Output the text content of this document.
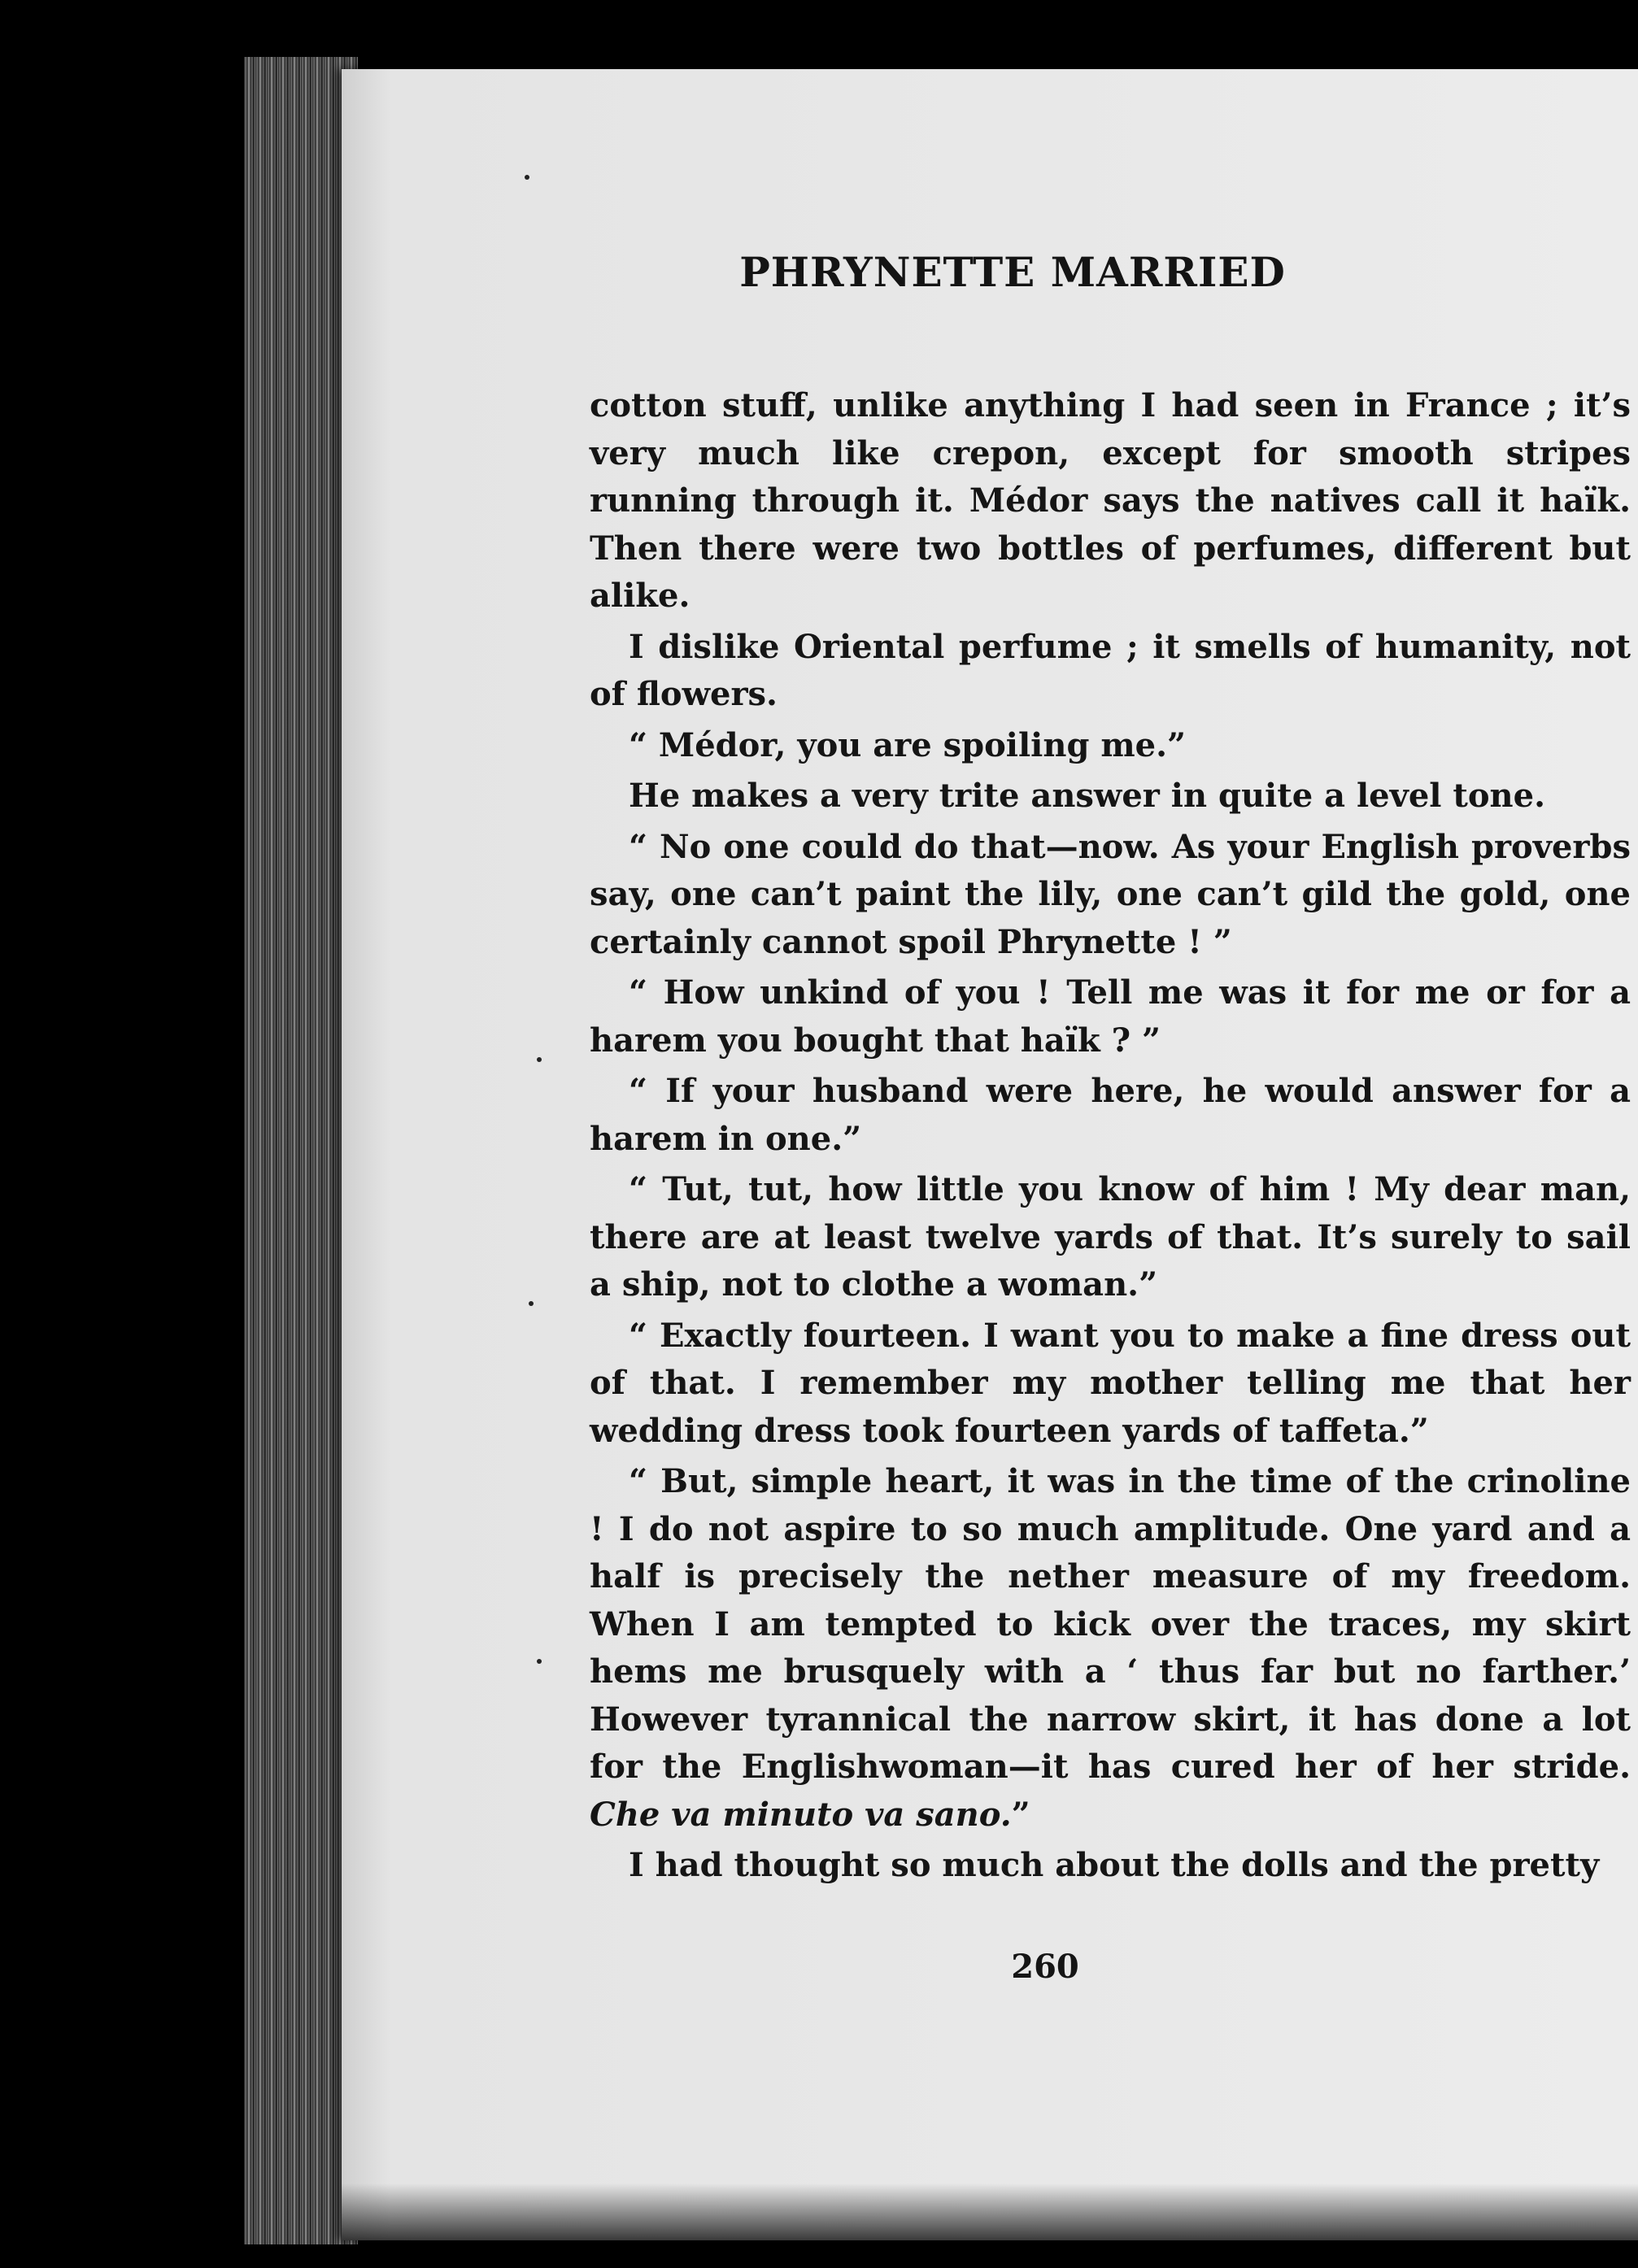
PHRYNETTE MARRIED

cotton stuff, unlike anything I had seen in France ; it’s very much like crepon, except for smooth stripes running through it. Médor says the natives call it haïk. Then there were two bottles of perfumes, different but alike.

I dislike Oriental perfume ; it smells of humanity, not of flowers.

“ Médor, you are spoiling me.”

He makes a very trite answer in quite a level tone.

“ No one could do that—now. As your English proverbs say, one can’t paint the lily, one can’t gild the gold, one certainly cannot spoil Phrynette ! ”

“ How unkind of you ! Tell me was it for me or for a harem you bought that haïk ? ”

“ If your husband were here, he would answer for a harem in one.”

“ Tut, tut, how little you know of him ! My dear man, there are at least twelve yards of that. It’s surely to sail a ship, not to clothe a woman.”

“ Exactly fourteen. I want you to make a fine dress out of that. I remember my mother telling me that her wedding dress took fourteen yards of taffeta.”

“ But, simple heart, it was in the time of the crinoline ! I do not aspire to so much amplitude. One yard and a half is precisely the nether measure of my freedom. When I am tempted to kick over the traces, my skirt hems me brusquely with a ‘ thus far but no farther.’ However tyrannical the narrow skirt, it has done a lot for the Englishwoman—it has cured her of her stride. Che va minuto va sano.”

I had thought so much about the dolls and the pretty

260
